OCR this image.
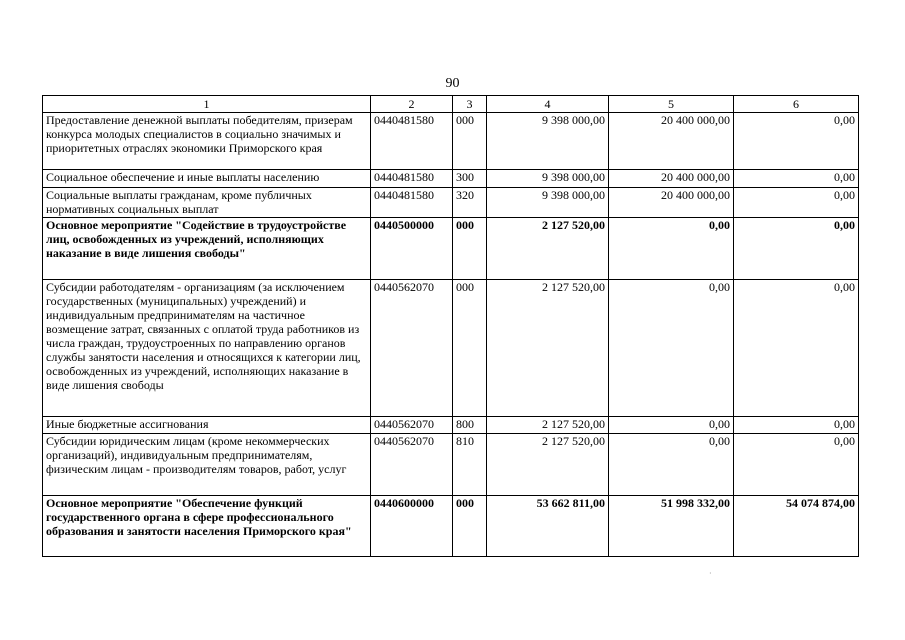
90
1	2	3	4	5	6
Предоставление денежной выплаты победителям, призерам конкурса молодых специалистов в социально значимых и приоритетных отраслях экономики Приморского края	0440481580	000	9 398 000,00	20 400 000,00	0,00
Социальное обеспечение и иные выплаты населению	0440481580	300	9 398 000,00	20 400 000,00	0,00
Социальные выплаты гражданам, кроме публичных нормативных социальных выплат	0440481580	320	9 398 000,00	20 400 000,00	0,00
Основное мероприятие "Содействие в трудоустройстве лиц, освобожденных из учреждений, исполняющих наказание в виде лишения свободы"	0440500000	000	2 127 520,00	0,00	0,00
Субсидии работодателям - организациям (за исключением государственных (муниципальных) учреждений) и индивидуальным предпринимателям на частичное возмещение затрат, связанных с оплатой труда работников из числа граждан, трудоустроенных по направлению органов службы занятости населения и относящихся к категории лиц, освобожденных из учреждений, исполняющих наказание в виде лишения свободы	0440562070	000	2 127 520,00	0,00	0,00
Иные бюджетные ассигнования	0440562070	800	2 127 520,00	0,00	0,00
Субсидии юридическим лицам (кроме некоммерческих организаций), индивидуальным предпринимателям, физическим лицам - производителям товаров, работ, услуг	0440562070	810	2 127 520,00	0,00	0,00
Основное мероприятие "Обеспечение функций государственного органа в сфере профессионального образования и занятости населения Приморского края"	0440600000	000	53 662 811,00	51 998 332,00	54 074 874,00
·
